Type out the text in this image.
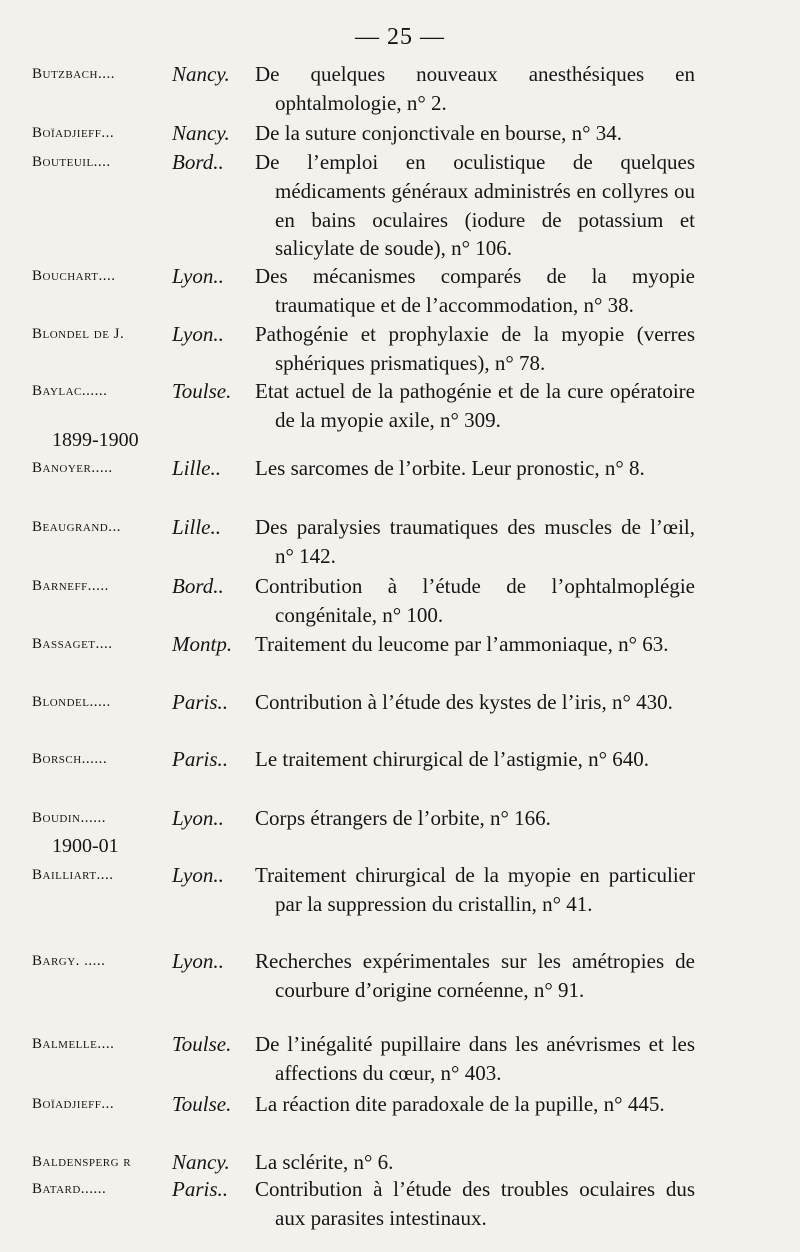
— 25 —
Butzbach....	Nancy. De quelques nouveaux anesthésiques en ophtalmologie, n° 2.
Boïadjieff...	Nancy. De la suture conjonctivale en bourse, n° 34.
Bouteuil....	Bord.. De l’emploi en oculistique de quelques médicaments généraux administrés en collyres ou en bains oculaires (iodure de potassium et salicylate de soude), n° 106.
Bouchart....	Lyon.. Des mécanismes comparés de la myopie traumatique et de l’accommodation, n° 38.
Blondel de J. Lyon.. Pathogénie et prophylaxie de la myopie (verres sphériques prismatiques), n° 78.
Baylac......	Toulse. Etat actuel de la pathogénie et de la cure opératoire de la myopie axile, n° 309.
1899-1900
Banoyer.....	Lille.. Les sarcomes de l’orbite. Leur pronostic, n° 8.
Beaugrand... Lille.. Des paralysies traumatiques des muscles de l’œil, n° 142.
Barneff.....	Bord.. Contribution à l’étude de l’ophtalmoplégie congénitale, n° 100.
Bassaget....	Montp. Traitement du leucome par l’ammoniaque, n° 63.
Blondel.....	Paris.. Contribution à l’étude des kystes de l’iris, n° 430.
Borsch......	Paris.. Le traitement chirurgical de l’astigmie, n° 640.
Boudin......	Lyon.. Corps étrangers de l’orbite, n° 166.
1900-01
Bailliart....	Lyon.. Traitement chirurgical de la myopie en particulier par la suppression du cristallin, n° 41.
Bargy. .....	Lyon.. Recherches expérimentales sur les amétropies de courbure d’origine cornéenne, n° 91.
Balmelle....	Toulse. De l’inégalité pupillaire dans les anévrismes et les affections du cœur, n° 403.
Boïadjieff...	Toulse. La réaction dite paradoxale de la pupille, n° 445.
Baldensperg r Nancy. La sclérite, n° 6.
Batard......	Paris.. Contribution à l’étude des troubles oculaires dus aux parasites intestinaux.
